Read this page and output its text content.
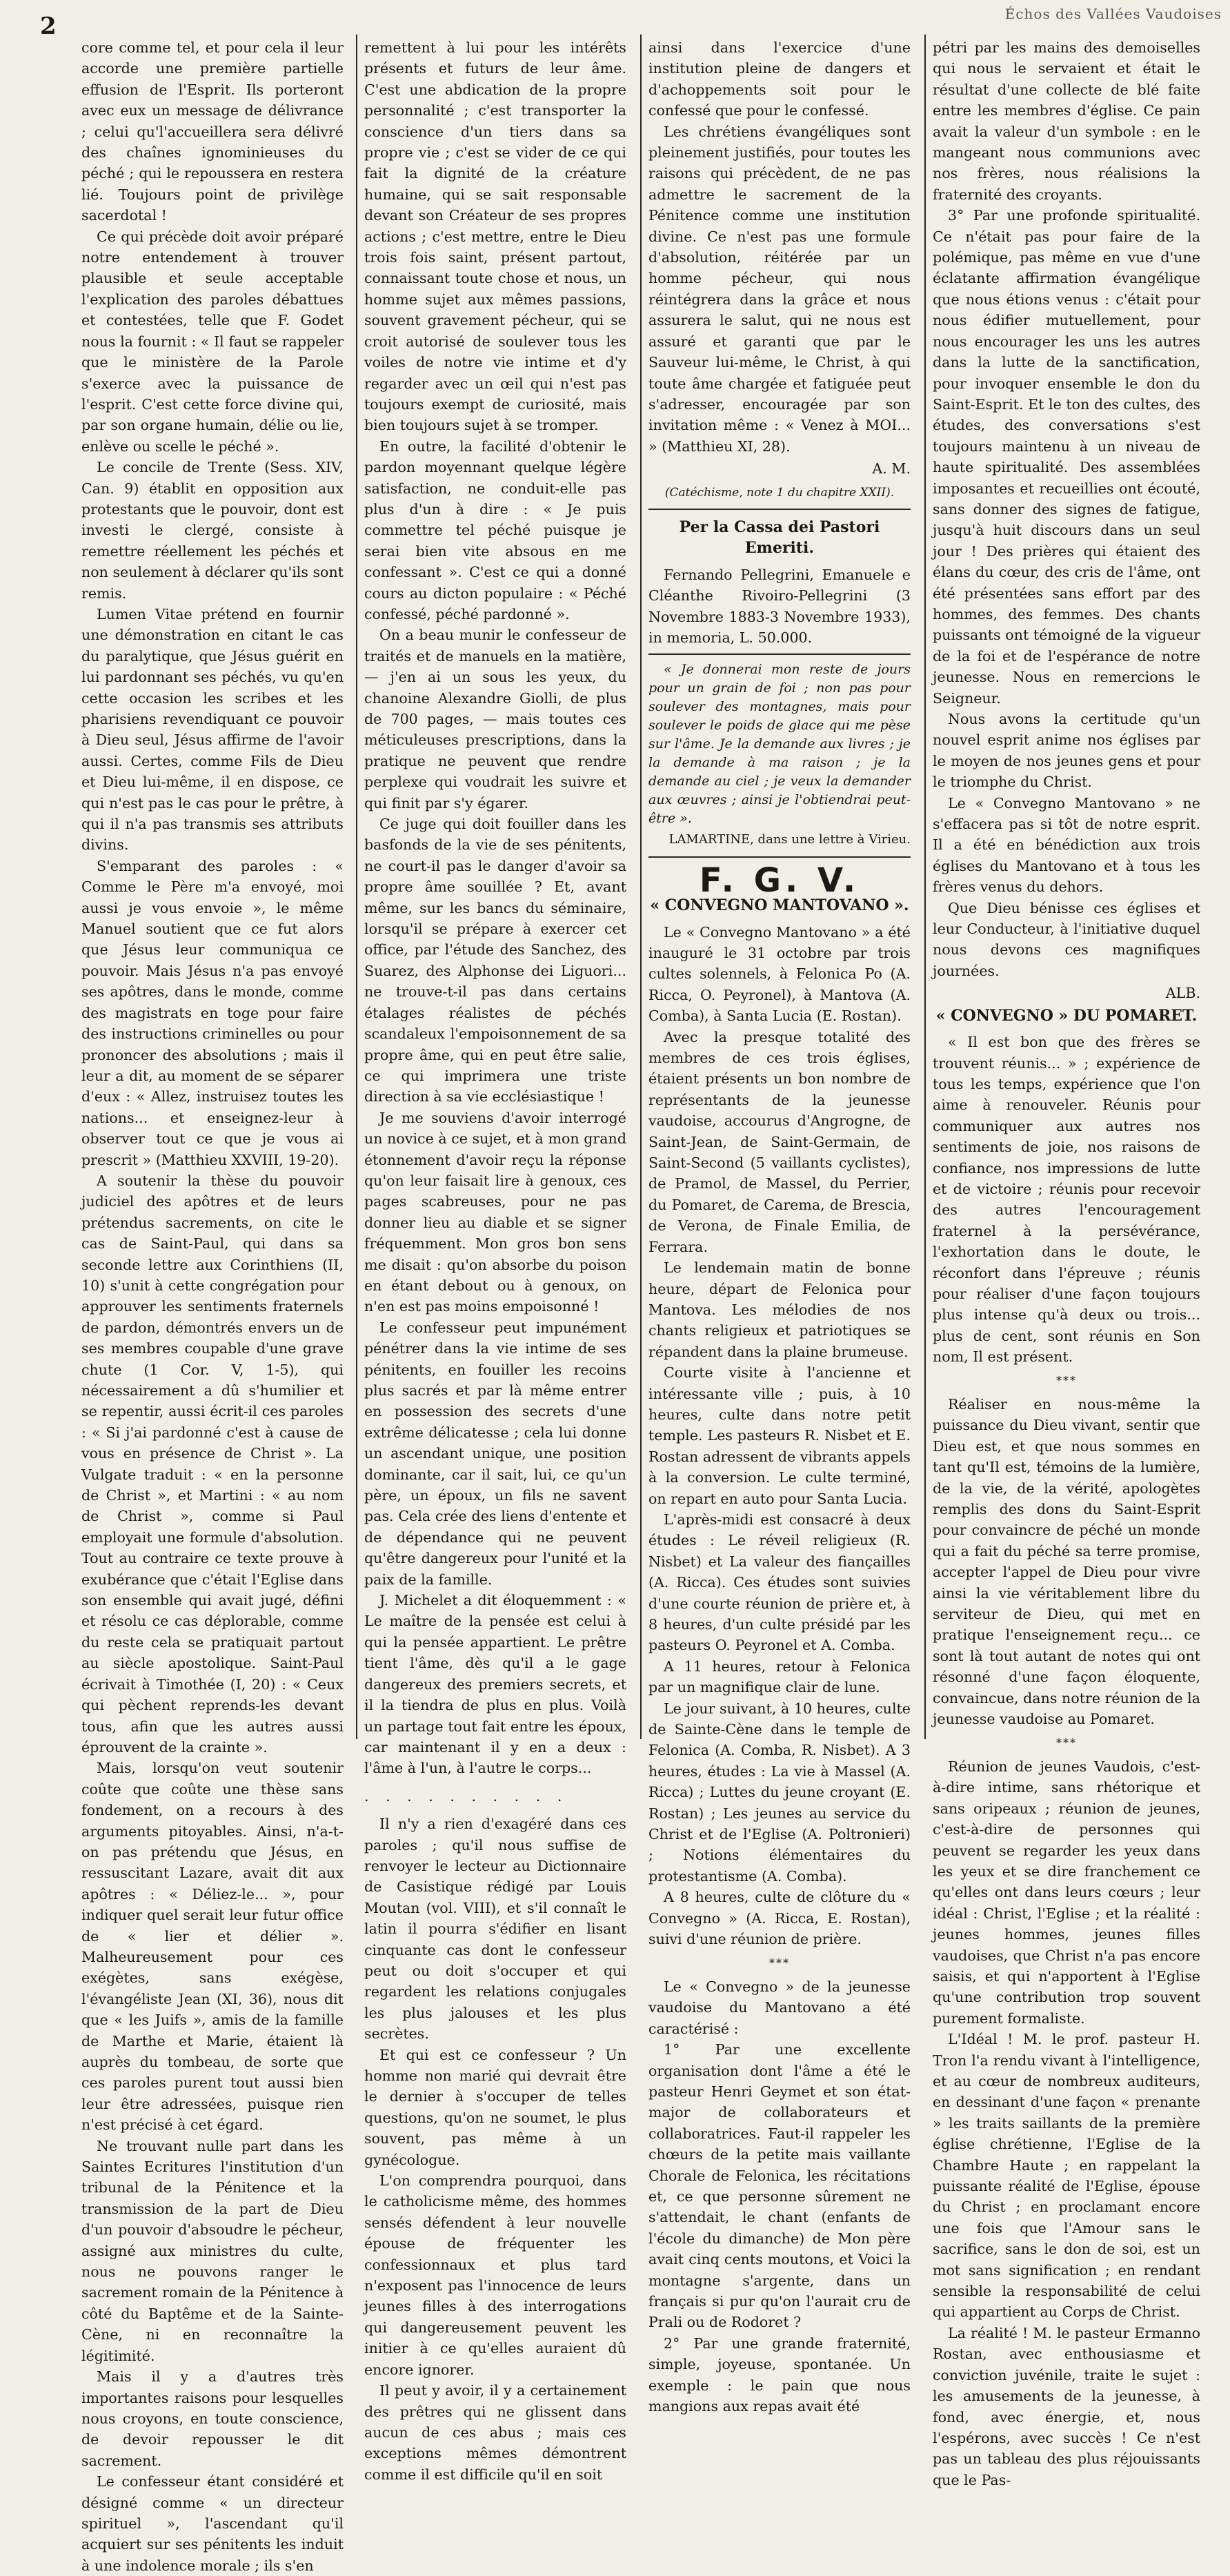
2	Échos des Vallées Vaudoises

core comme tel, et pour cela il leur accorde une première partielle effusion de l'Esprit. Ils porteront avec eux un message de délivrance ; celui qu'l'accueillera sera délivré des chaînes ignominieuses du péché ; qui le repoussera en restera lié. Toujours point de privilège sacerdotal !

Ce qui précède doit avoir préparé notre entendement à trouver plausible et seule acceptable l'explication des paroles débattues et contestées, telle que F. Godet nous la fournit : « Il faut se rappeler que le ministère de la Parole s'exerce avec la puissance de l'esprit. C'est cette force divine qui, par son organe humain, délie ou lie, enlève ou scelle le péché ».

Le concile de Trente (Sess. XIV, Can. 9) établit en opposition aux protestants que le pouvoir, dont est investi le clergé, consiste à remettre réellement les péchés et non seulement à déclarer qu'ils sont remis.

Lumen Vitae prétend en fournir une démonstration en citant le cas du paralytique, que Jésus guérit en lui pardonnant ses péchés, vu qu'en cette occasion les scribes et les pharisiens revendiquant ce pouvoir à Dieu seul, Jésus affirme de l'avoir aussi. Certes, comme Fils de Dieu et Dieu lui-même, il en dispose, ce qui n'est pas le cas pour le prêtre, à qui il n'a pas transmis ses attributs divins.

S'emparant des paroles : « Comme le Père m'a envoyé, moi aussi je vous envoie », le même Manuel soutient que ce fut alors que Jésus leur communiqua ce pouvoir. Mais Jésus n'a pas envoyé ses apôtres, dans le monde, comme des magistrats en toge pour faire des instructions criminelles ou pour prononcer des absolutions ; mais il leur a dit, au moment de se séparer d'eux : « Allez, instruisez toutes les nations... et enseignez-leur à observer tout ce que je vous ai prescrit » (Matthieu XXVIII, 19-20).

A soutenir la thèse du pouvoir judiciel des apôtres et de leurs prétendus sacrements, on cite le cas de Saint-Paul, qui dans sa seconde lettre aux Corinthiens (II, 10) s'unit à cette congrégation pour approuver les sentiments fraternels de pardon, démontrés envers un de ses membres coupable d'une grave chute (1 Cor. V, 1-5), qui nécessairement a dû s'humilier et se repentir, aussi écrit-il ces paroles : « Si j'ai pardonné c'est à cause de vous en présence de Christ ». La Vulgate traduit : « en la personne de Christ », et Martini : « au nom de Christ », comme si Paul employait une formule d'absolution. Tout au contraire ce texte prouve à exubérance que c'était l'Eglise dans son ensemble qui avait jugé, défini et résolu ce cas déplorable, comme du reste cela se pratiquait partout au siècle apostolique. Saint-Paul écrivait à Timothée (I, 20) : « Ceux qui pèchent reprends-les devant tous, afin que les autres aussi éprouvent de la crainte ».

Mais, lorsqu'on veut soutenir coûte que coûte une thèse sans fondement, on a recours à des arguments pitoyables. Ainsi, n'a-t-on pas prétendu que Jésus, en ressuscitant Lazare, avait dit aux apôtres : « Déliez-le... », pour indiquer quel serait leur futur office de « lier et délier ». Malheureusement pour ces exégètes, sans exégèse, l'évangéliste Jean (XI, 36), nous dit que « les Juifs », amis de la famille de Marthe et Marie, étaient là auprès du tombeau, de sorte que ces paroles purent tout aussi bien leur être adressées, puisque rien n'est précisé à cet égard.

Ne trouvant nulle part dans les Saintes Ecritures l'institution d'un tribunal de la Pénitence et la transmission de la part de Dieu d'un pouvoir d'absoudre le pécheur, assigné aux ministres du culte, nous ne pouvons ranger le sacrement romain de la Pénitence à côté du Baptême et de la Sainte-Cène, ni en reconnaître la légitimité.

Mais il y a d'autres très importantes raisons pour lesquelles nous croyons, en toute conscience, de devoir repousser le dit sacrement.

Le confesseur étant considéré et désigné comme « un directeur spirituel », l'ascendant qu'il acquiert sur ses pénitents les induit à une indolence morale ; ils s'en

remettent à lui pour les intérêts présents et futurs de leur âme. C'est une abdication de la propre personnalité ; c'est transporter la conscience d'un tiers dans sa propre vie ; c'est se vider de ce qui fait la dignité de la créature humaine, qui se sait responsable devant son Créateur de ses propres actions ; c'est mettre, entre le Dieu trois fois saint, présent partout, connaissant toute chose et nous, un homme sujet aux mêmes passions, souvent gravement pécheur, qui se croit autorisé de soulever tous les voiles de notre vie intime et d'y regarder avec un œil qui n'est pas toujours exempt de curiosité, mais bien toujours sujet à se tromper.

En outre, la facilité d'obtenir le pardon moyennant quelque légère satisfaction, ne conduit-elle pas plus d'un à dire : « Je puis commettre tel péché puisque je serai bien vite absous en me confessant ». C'est ce qui a donné cours au dicton populaire : « Péché confessé, péché pardonné ».

On a beau munir le confesseur de traités et de manuels en la matière, — j'en ai un sous les yeux, du chanoine Alexandre Giolli, de plus de 700 pages, — mais toutes ces méticuleuses prescriptions, dans la pratique ne peuvent que rendre perplexe qui voudrait les suivre et qui finit par s'y égarer.

Ce juge qui doit fouiller dans les basfonds de la vie de ses pénitents, ne court-il pas le danger d'avoir sa propre âme souillée ? Et, avant même, sur les bancs du séminaire, lorsqu'il se prépare à exercer cet office, par l'étude des Sanchez, des Suarez, des Alphonse dei Liguori... ne trouve-t-il pas dans certains étalages réalistes de péchés scandaleux l'empoisonnement de sa propre âme, qui en peut être salie, ce qui imprimera une triste direction à sa vie ecclésiastique !

Je me souviens d'avoir interrogé un novice à ce sujet, et à mon grand étonnement d'avoir reçu la réponse qu'on leur faisait lire à genoux, ces pages scabreuses, pour ne pas donner lieu au diable et se signer fréquemment. Mon gros bon sens me disait : qu'on absorbe du poison en étant debout ou à genoux, on n'en est pas moins empoisonné !

Le confesseur peut impunément pénétrer dans la vie intime de ses pénitents, en fouiller les recoins plus sacrés et par là même entrer en possession des secrets d'une extrême délicatesse ; cela lui donne un ascendant unique, une position dominante, car il sait, lui, ce qu'un père, un époux, un fils ne savent pas. Cela crée des liens d'entente et de dépendance qui ne peuvent qu'être dangereux pour l'unité et la paix de la famille.

J. Michelet a dit éloquemment : « Le maître de la pensée est celui à qui la pensée appartient. Le prêtre tient l'âme, dès qu'il a le gage dangereux des premiers secrets, et il la tiendra de plus en plus. Voilà un partage tout fait entre les époux, car maintenant il y en a deux : l'âme à l'un, à l'autre le corps...

. . . . . . . . . .

Il n'y a rien d'exagéré dans ces paroles ; qu'il nous suffise de renvoyer le lecteur au Dictionnaire de Casistique rédigé par Louis Moutan (vol. VIII), et s'il connaît le latin il pourra s'édifier en lisant cinquante cas dont le confesseur peut ou doit s'occuper et qui regardent les relations conjugales les plus jalouses et les plus secrètes.

Et qui est ce confesseur ? Un homme non marié qui devrait être le dernier à s'occuper de telles questions, qu'on ne soumet, le plus souvent, pas même à un gynécologue.

L'on comprendra pourquoi, dans le catholicisme même, des hommes sensés défendent à leur nouvelle épouse de fréquenter les confessionnaux et plus tard n'exposent pas l'innocence de leurs jeunes filles à des interrogations qui dangereusement peuvent les initier à ce qu'elles auraient dû encore ignorer.

Il peut y avoir, il y a certainement des prêtres qui ne glissent dans aucun de ces abus ; mais ces exceptions mêmes démontrent comme il est difficile qu'il en soit

ainsi dans l'exercice d'une institution pleine de dangers et d'achoppements soit pour le confessé que pour le confessé.

Les chrétiens évangéliques sont pleinement justifiés, pour toutes les raisons qui précèdent, de ne pas admettre le sacrement de la Pénitence comme une institution divine. Ce n'est pas une formule d'absolution, réitérée par un homme pécheur, qui nous réintégrera dans la grâce et nous assurera le salut, qui ne nous est assuré et garanti que par le Sauveur lui-même, le Christ, à qui toute âme chargée et fatiguée peut s'adresser, encouragée par son invitation même : « Venez à MOI... » (Matthieu XI, 28).

A. M.

(Catéchisme, note 1 du chapitre XXII).

Per la Cassa dei Pastori Emeriti.

Fernando Pellegrini, Emanuele e Cléanthe Rivoiro-Pellegrini (3 Novembre 1883-3 Novembre 1933), in memoria, L. 50.000.

« Je donnerai mon reste de jours pour un grain de foi ; non pas pour soulever des montagnes, mais pour soulever le poids de glace qui me pèse sur l'âme. Je la demande aux livres ; je la demande à ma raison ; je la demande au ciel ; je veux la demander aux œuvres ; ainsi je l'obtiendrai peut-être ».

LAMARTINE, dans une lettre à Virieu.

F. G. V.

« CONVEGNO MANTOVANO ».

Le « Convegno Mantovano » a été inauguré le 31 octobre par trois cultes solennels, à Felonica Po (A. Ricca, O. Peyronel), à Mantova (A. Comba), à Santa Lucia (E. Rostan).

Avec la presque totalité des membres de ces trois églises, étaient présents un bon nombre de représentants de la jeunesse vaudoise, accourus d'Angrogne, de Saint-Jean, de Saint-Germain, de Saint-Second (5 vaillants cyclistes), de Pramol, de Massel, du Perrier, du Pomaret, de Carema, de Brescia, de Verona, de Finale Emilia, de Ferrara.

Le lendemain matin de bonne heure, départ de Felonica pour Mantova. Les mélodies de nos chants religieux et patriotiques se répandent dans la plaine brumeuse.

Courte visite à l'ancienne et intéressante ville ; puis, à 10 heures, culte dans notre petit temple. Les pasteurs R. Nisbet et E. Rostan adressent de vibrants appels à la conversion. Le culte terminé, on repart en auto pour Santa Lucia.

L'après-midi est consacré à deux études : Le réveil religieux (R. Nisbet) et La valeur des fiançailles (A. Ricca). Ces études sont suivies d'une courte réunion de prière et, à 8 heures, d'un culte présidé par les pasteurs O. Peyronel et A. Comba.

A 11 heures, retour à Felonica par un magnifique clair de lune.

Le jour suivant, à 10 heures, culte de Sainte-Cène dans le temple de Felonica (A. Comba, R. Nisbet). A 3 heures, études : La vie à Massel (A. Ricca) ; Luttes du jeune croyant (E. Rostan) ; Les jeunes au service du Christ et de l'Eglise (A. Poltronieri) ; Notions élémentaires du protestantisme (A. Comba).

A 8 heures, culte de clôture du « Convegno » (A. Ricca, E. Rostan), suivi d'une réunion de prière.

***

Le « Convegno » de la jeunesse vaudoise du Mantovano a été caractérisé :

1° Par une excellente organisation dont l'âme a été le pasteur Henri Geymet et son état-major de collaborateurs et collaboratrices. Faut-il rappeler les chœurs de la petite mais vaillante Chorale de Felonica, les récitations et, ce que personne sûrement ne s'attendait, le chant (enfants de l'école du dimanche) de Mon père avait cinq cents moutons, et Voici la montagne s'argente, dans un français si pur qu'on l'aurait cru de Prali ou de Rodoret ?

2° Par une grande fraternité, simple, joyeuse, spontanée. Un exemple : le pain que nous mangions aux repas avait été

pétri par les mains des demoiselles qui nous le servaient et était le résultat d'une collecte de blé faite entre les membres d'église. Ce pain avait la valeur d'un symbole : en le mangeant nous communions avec nos frères, nous réalisions la fraternité des croyants.

3° Par une profonde spiritualité. Ce n'était pas pour faire de la polémique, pas même en vue d'une éclatante affirmation évangélique que nous étions venus : c'était pour nous édifier mutuellement, pour nous encourager les uns les autres dans la lutte de la sanctification, pour invoquer ensemble le don du Saint-Esprit. Et le ton des cultes, des études, des conversations s'est toujours maintenu à un niveau de haute spiritualité. Des assemblées imposantes et recueillies ont écouté, sans donner des signes de fatigue, jusqu'à huit discours dans un seul jour ! Des prières qui étaient des élans du cœur, des cris de l'âme, ont été présentées sans effort par des hommes, des femmes. Des chants puissants ont témoigné de la vigueur de la foi et de l'espérance de notre jeunesse. Nous en remercions le Seigneur.

Nous avons la certitude qu'un nouvel esprit anime nos églises par le moyen de nos jeunes gens et pour le triomphe du Christ.

Le « Convegno Mantovano » ne s'effacera pas si tôt de notre esprit. Il a été en bénédiction aux trois églises du Mantovano et à tous les frères venus du dehors.

Que Dieu bénisse ces églises et leur Conducteur, à l'initiative duquel nous devons ces magnifiques journées.

ALB.

« CONVEGNO » DU POMARET.

« Il est bon que des frères se trouvent réunis... » ; expérience de tous les temps, expérience que l'on aime à renouveler. Réunis pour communiquer aux autres nos sentiments de joie, nos raisons de confiance, nos impressions de lutte et de victoire ; réunis pour recevoir des autres l'encouragement fraternel à la persévérance, l'exhortation dans le doute, le réconfort dans l'épreuve ; réunis pour réaliser d'une façon toujours plus intense qu'à deux ou trois... plus de cent, sont réunis en Son nom, Il est présent.

***

Réaliser en nous-même la puissance du Dieu vivant, sentir que Dieu est, et que nous sommes en tant qu'Il est, témoins de la lumière, de la vie, de la vérité, apologètes remplis des dons du Saint-Esprit pour convaincre de péché un monde qui a fait du péché sa terre promise, accepter l'appel de Dieu pour vivre ainsi la vie véritablement libre du serviteur de Dieu, qui met en pratique l'enseignement reçu... ce sont là tout autant de notes qui ont résonné d'une façon éloquente, convaincue, dans notre réunion de la jeunesse vaudoise au Pomaret.

***

Réunion de jeunes Vaudois, c'est-à-dire intime, sans rhétorique et sans oripeaux ; réunion de jeunes, c'est-à-dire de personnes qui peuvent se regarder les yeux dans les yeux et se dire franchement ce qu'elles ont dans leurs cœurs ; leur idéal : Christ, l'Eglise ; et la réalité : jeunes hommes, jeunes filles vaudoises, que Christ n'a pas encore saisis, et qui n'apportent à l'Eglise qu'une contribution trop souvent purement formaliste.

L'Idéal ! M. le prof. pasteur H. Tron l'a rendu vivant à l'intelligence, et au cœur de nombreux auditeurs, en dessinant d'une façon « prenante » les traits saillants de la première église chrétienne, l'Eglise de la Chambre Haute ; en rappelant la puissante réalité de l'Eglise, épouse du Christ ; en proclamant encore une fois que l'Amour sans le sacrifice, sans le don de soi, est un mot sans signification ; en rendant sensible la responsabilité de celui qui appartient au Corps de Christ.

La réalité ! M. le pasteur Ermanno Rostan, avec enthousiasme et conviction juvénile, traite le sujet : les amusements de la jeunesse, à fond, avec énergie, et, nous l'espérons, avec succès ! Ce n'est pas un tableau des plus réjouissants que le Pas-
